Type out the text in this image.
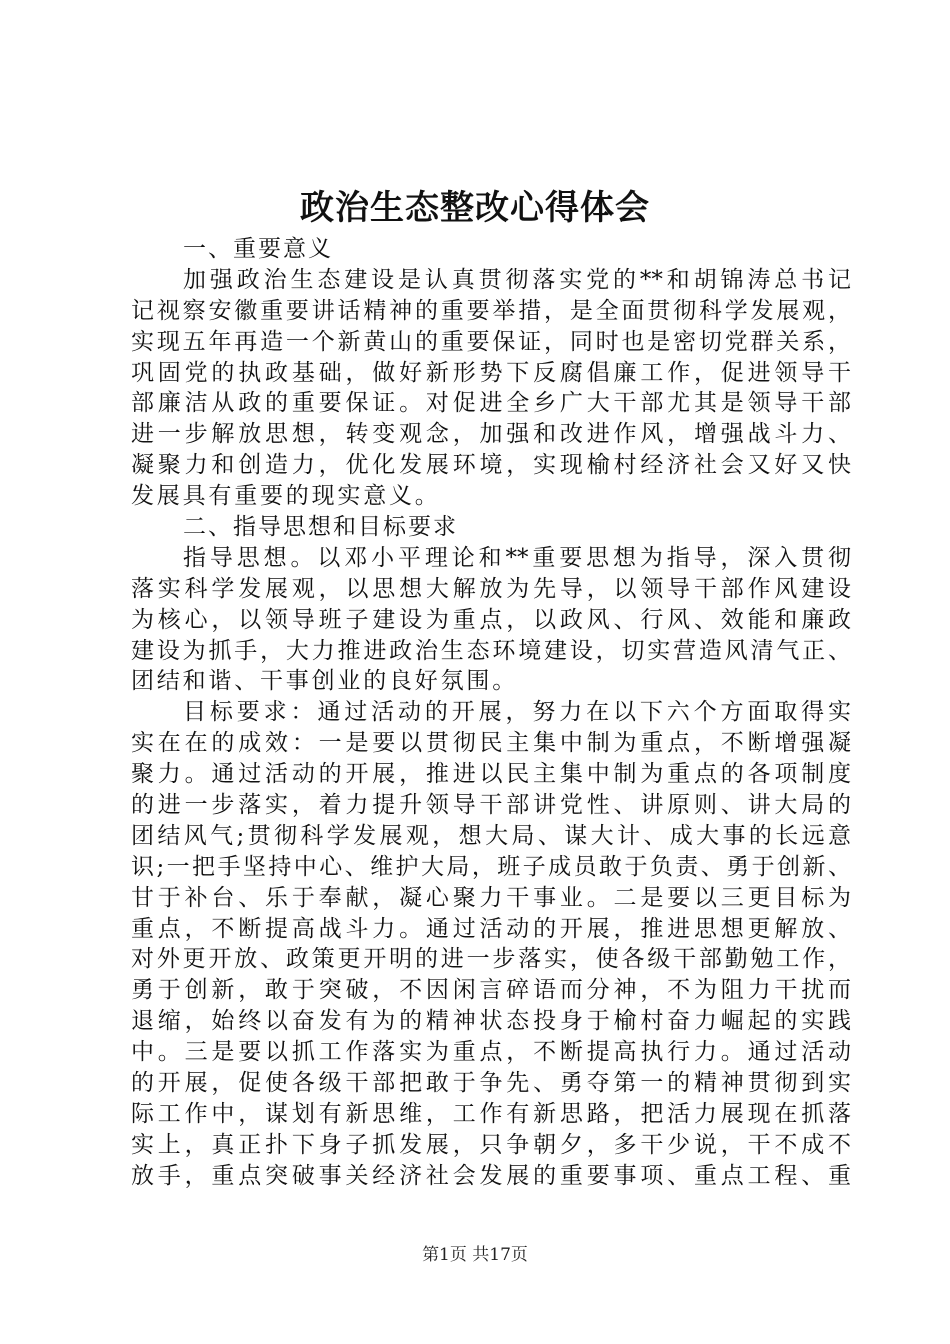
政治生态整改心得体会
一、重要意义
加强政治生态建设是认真贯彻落实党的**和胡锦涛总书记
记视察安徽重要讲话精神的重要举措，是全面贯彻科学发展观，
实现五年再造一个新黄山的重要保证，同时也是密切党群关系，
巩固党的执政基础，做好新形势下反腐倡廉工作，促进领导干
部廉洁从政的重要保证。对促进全乡广大干部尤其是领导干部
进一步解放思想，转变观念，加强和改进作风，增强战斗力、
凝聚力和创造力，优化发展环境，实现榆村经济社会又好又快
发展具有重要的现实意义。
二、指导思想和目标要求
指导思想。以邓小平理论和**重要思想为指导，深入贯彻
落实科学发展观，以思想大解放为先导，以领导干部作风建设
为核心，以领导班子建设为重点，以政风、行风、效能和廉政
建设为抓手，大力推进政治生态环境建设，切实营造风清气正、
团结和谐、干事创业的良好氛围。
目标要求：通过活动的开展，努力在以下六个方面取得实
实在在的成效：一是要以贯彻民主集中制为重点，不断增强凝
聚力。通过活动的开展，推进以民主集中制为重点的各项制度
的进一步落实，着力提升领导干部讲党性、讲原则、讲大局的
团结风气;贯彻科学发展观，想大局、谋大计、成大事的长远意
识;一把手坚持中心、维护大局，班子成员敢于负责、勇于创新、
甘于补台、乐于奉献，凝心聚力干事业。二是要以三更目标为
重点，不断提高战斗力。通过活动的开展，推进思想更解放、
对外更开放、政策更开明的进一步落实，使各级干部勤勉工作，
勇于创新，敢于突破，不因闲言碎语而分神，不为阻力干扰而
退缩，始终以奋发有为的精神状态投身于榆村奋力崛起的实践
中。三是要以抓工作落实为重点，不断提高执行力。通过活动
的开展，促使各级干部把敢于争先、勇夺第一的精神贯彻到实
际工作中，谋划有新思维，工作有新思路，把活力展现在抓落
实上，真正扑下身子抓发展，只争朝夕，多干少说，干不成不
放手，重点突破事关经济社会发展的重要事项、重点工程、重
第1页 共17页
